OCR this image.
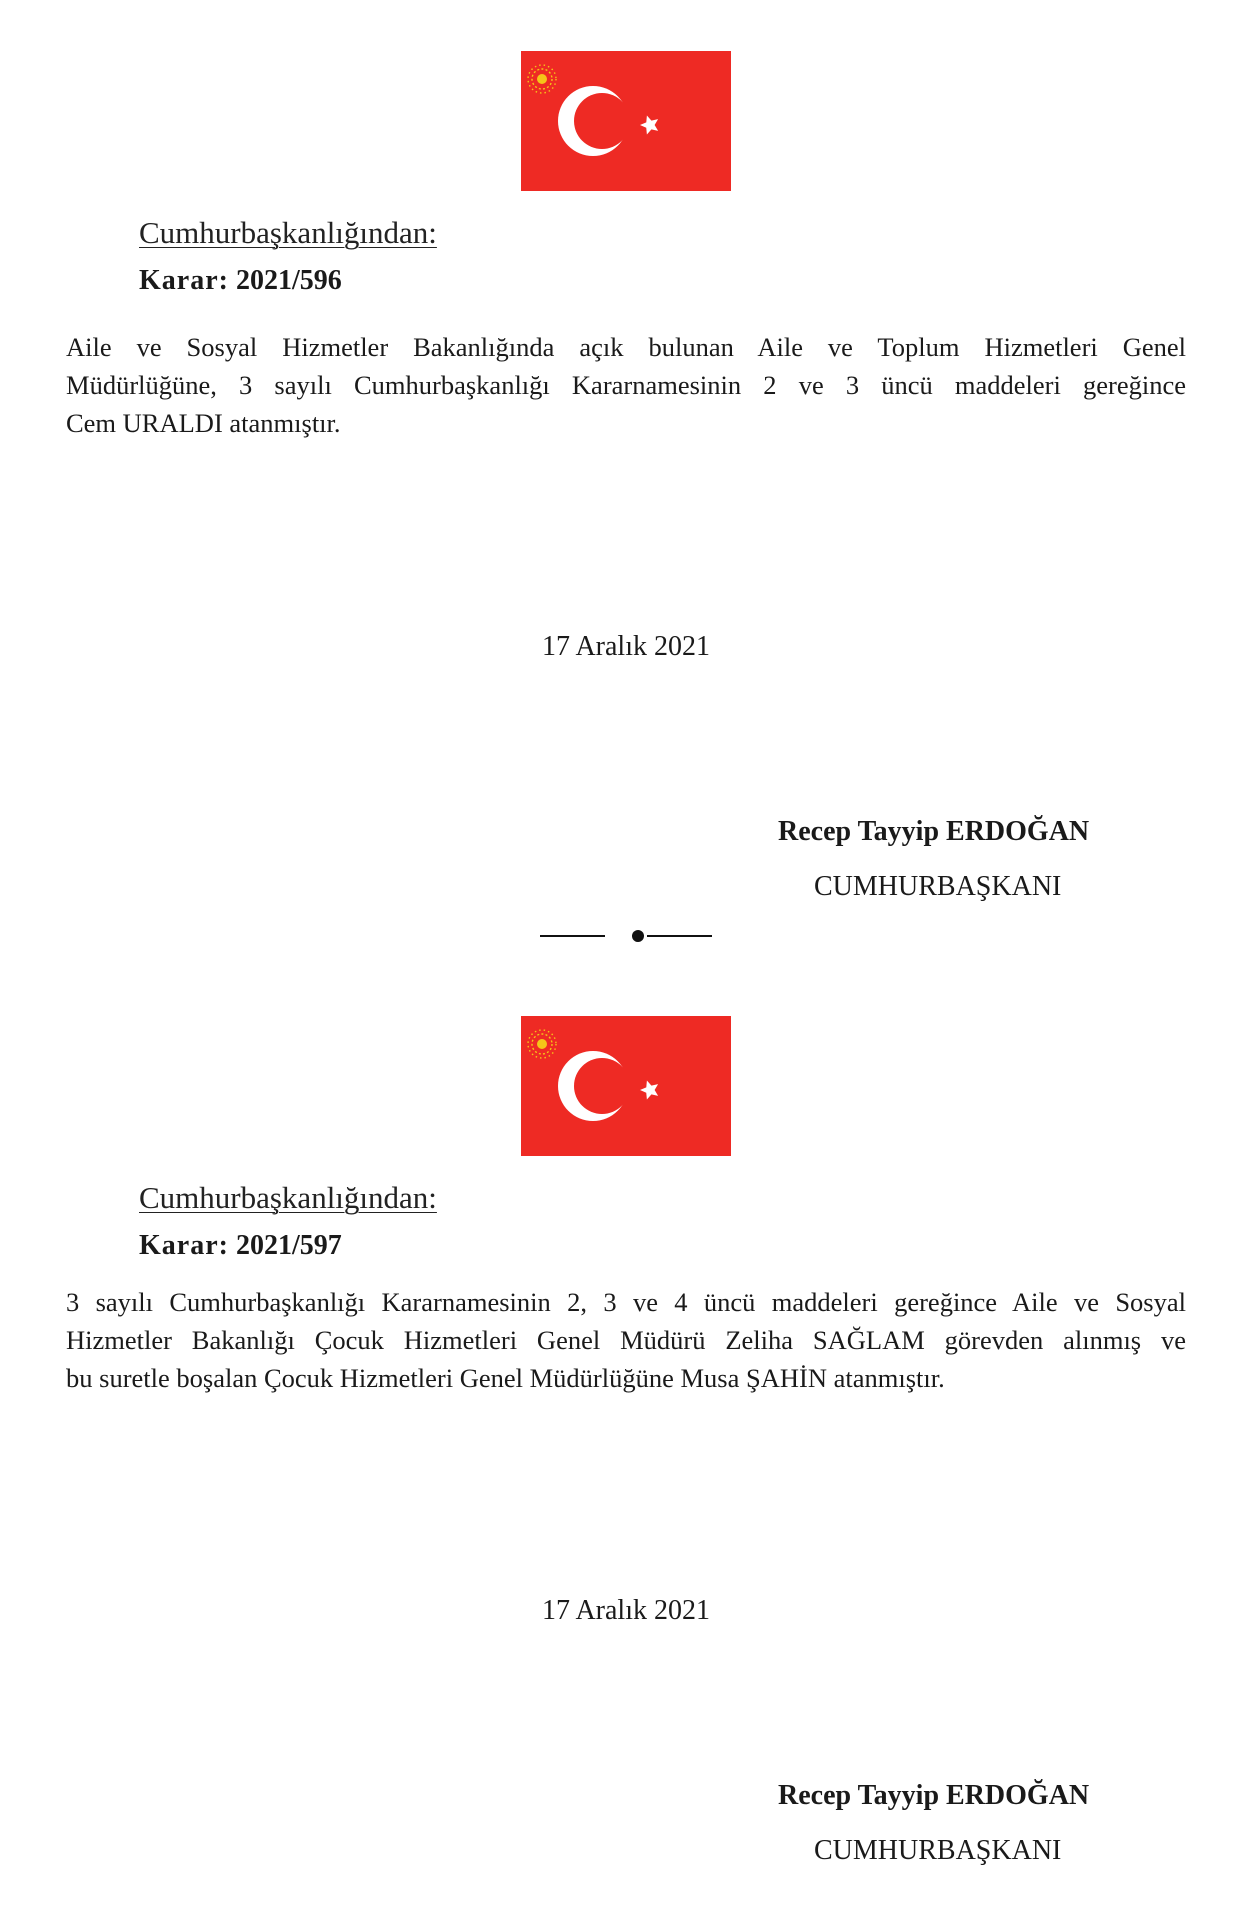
Cumhurbaşkanlığından:
Karar: 2021/596
Aile ve Sosyal Hizmetler Bakanlığında açık bulunan Aile ve Toplum Hizmetleri Genel
Müdürlüğüne, 3 sayılı Cumhurbaşkanlığı Kararnamesinin 2 ve 3 üncü maddeleri gereğince
Cem URALDI atanmıştır.
17 Aralık 2021
Recep Tayyip ERDOĞAN
CUMHURBAŞKANI
Cumhurbaşkanlığından:
Karar: 2021/597
3 sayılı Cumhurbaşkanlığı Kararnamesinin 2, 3 ve 4 üncü maddeleri gereğince Aile ve Sosyal
Hizmetler Bakanlığı Çocuk Hizmetleri Genel Müdürü Zeliha SAĞLAM görevden alınmış ve
bu suretle boşalan Çocuk Hizmetleri Genel Müdürlüğüne Musa ŞAHİN atanmıştır.
17 Aralık 2021
Recep Tayyip ERDOĞAN
CUMHURBAŞKANI
